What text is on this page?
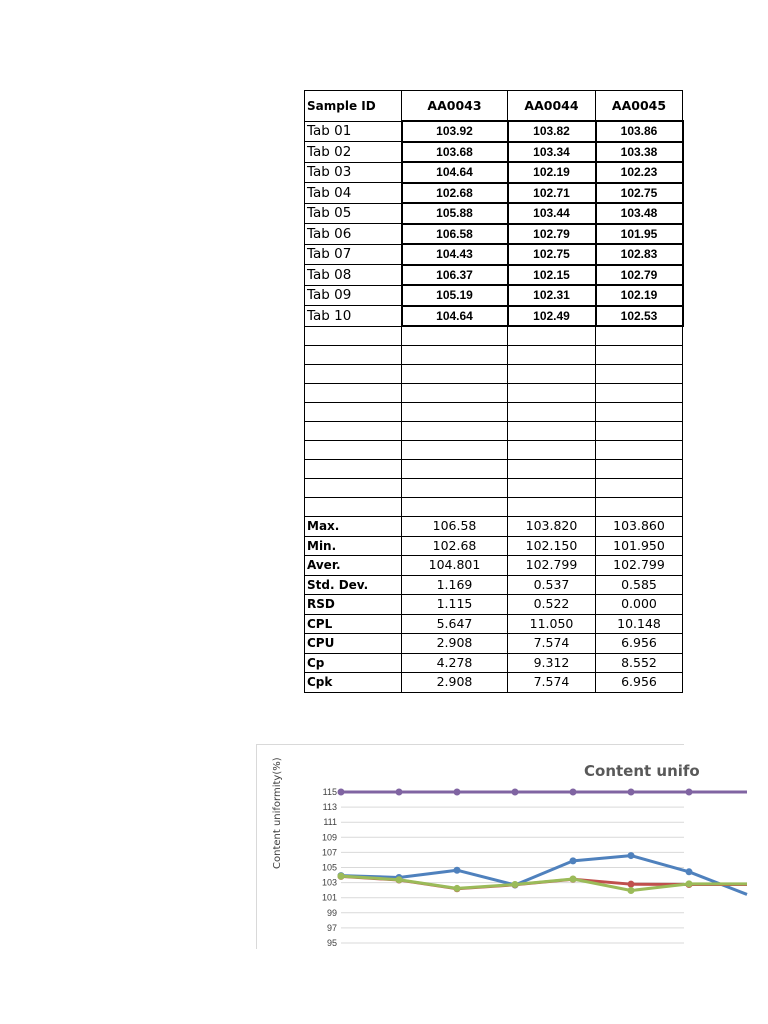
Sample ID	AA0043	AA0044	AA0045
Tab 01	103.92	103.82	103.86
Tab 02	103.68	103.34	103.38
Tab 03	104.64	102.19	102.23
Tab 04	102.68	102.71	102.75
Tab 05	105.88	103.44	103.48
Tab 06	106.58	102.79	101.95
Tab 07	104.43	102.75	102.83
Tab 08	106.37	102.15	102.79
Tab 09	105.19	102.31	102.19
Tab 10	104.64	102.49	102.53

Max.	106.58	103.820	103.860
Min.	102.68	102.150	101.950
Aver.	104.801	102.799	102.799
Std. Dev.	1.169	0.537	0.585
RSD	1.115	0.522	0.000
CPL	5.647	11.050	10.148
CPU	2.908	7.574	6.956
Cp	4.278	9.312	8.552
Cpk	2.908	7.574	6.956
115
113
111
109
107
105
103
101
99
97
95
Content uniformity(%)	Content unifo
